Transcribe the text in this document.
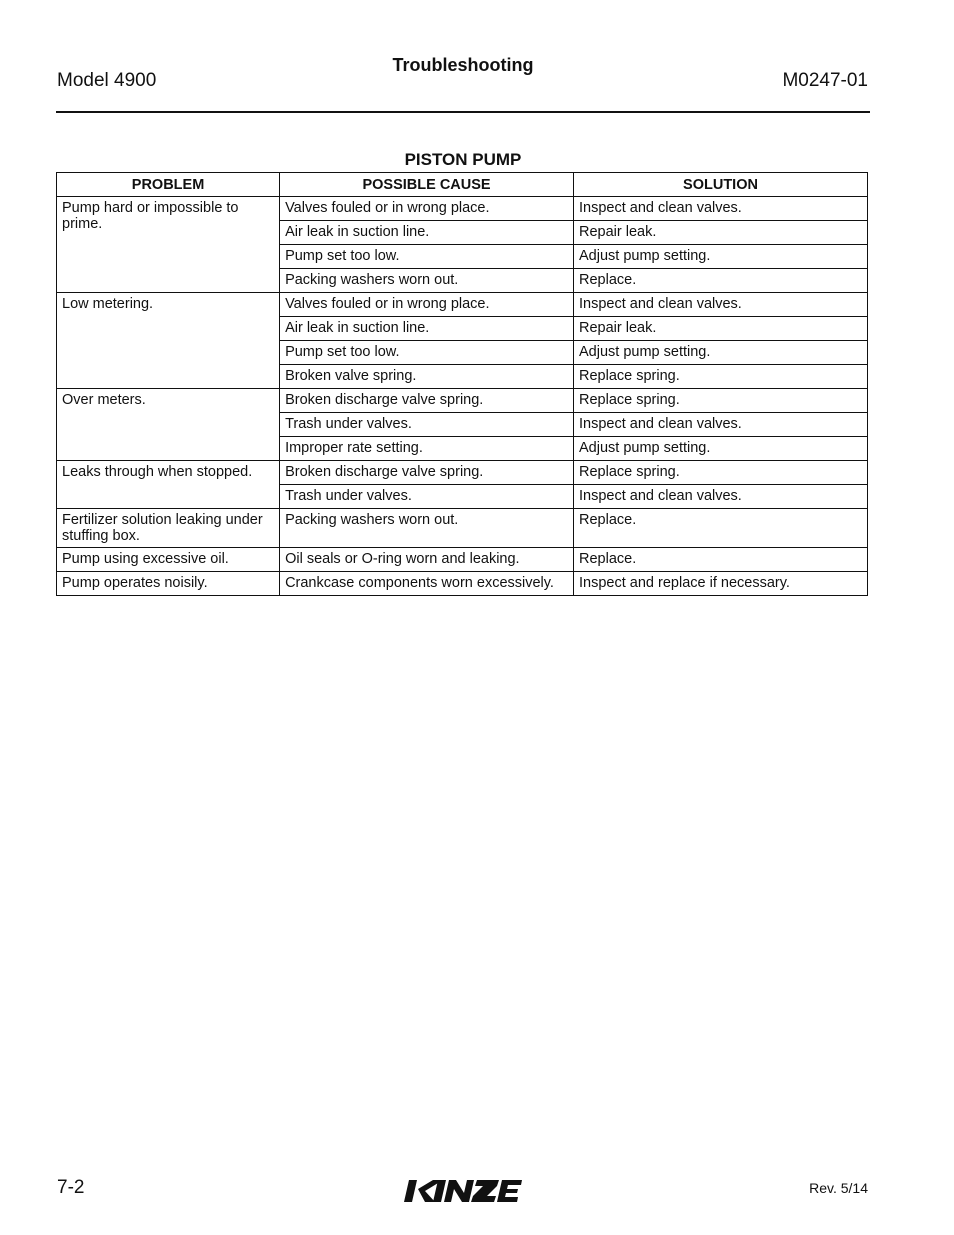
Model 4900
Troubleshooting
M0247-01
PISTON PUMP
PROBLEM	POSSIBLE CAUSE	SOLUTION
Pump hard or impossible to prime.	Valves fouled or in wrong place.	Inspect and clean valves.
	Air leak in suction line.	Repair leak.
	Pump set too low.	Adjust pump setting.
	Packing washers worn out.	Replace.
Low metering.	Valves fouled or in wrong place.	Inspect and clean valves.
	Air leak in suction line.	Repair leak.
	Pump set too low.	Adjust pump setting.
	Broken valve spring.	Replace spring.
Over meters.	Broken discharge valve spring.	Replace spring.
	Trash under valves.	Inspect and clean valves.
	Improper rate setting.	Adjust pump setting.
Leaks through when stopped.	Broken discharge valve spring.	Replace spring.
	Trash under valves.	Inspect and clean valves.
Fertilizer solution leaking under stuffing box.	Packing washers worn out.	Replace.
Pump using excessive oil.	Oil seals or O-ring worn and leaking.	Replace.
Pump operates noisily.	Crankcase components worn excessively.	Inspect and replace if necessary.
7-2	Rev. 5/14
